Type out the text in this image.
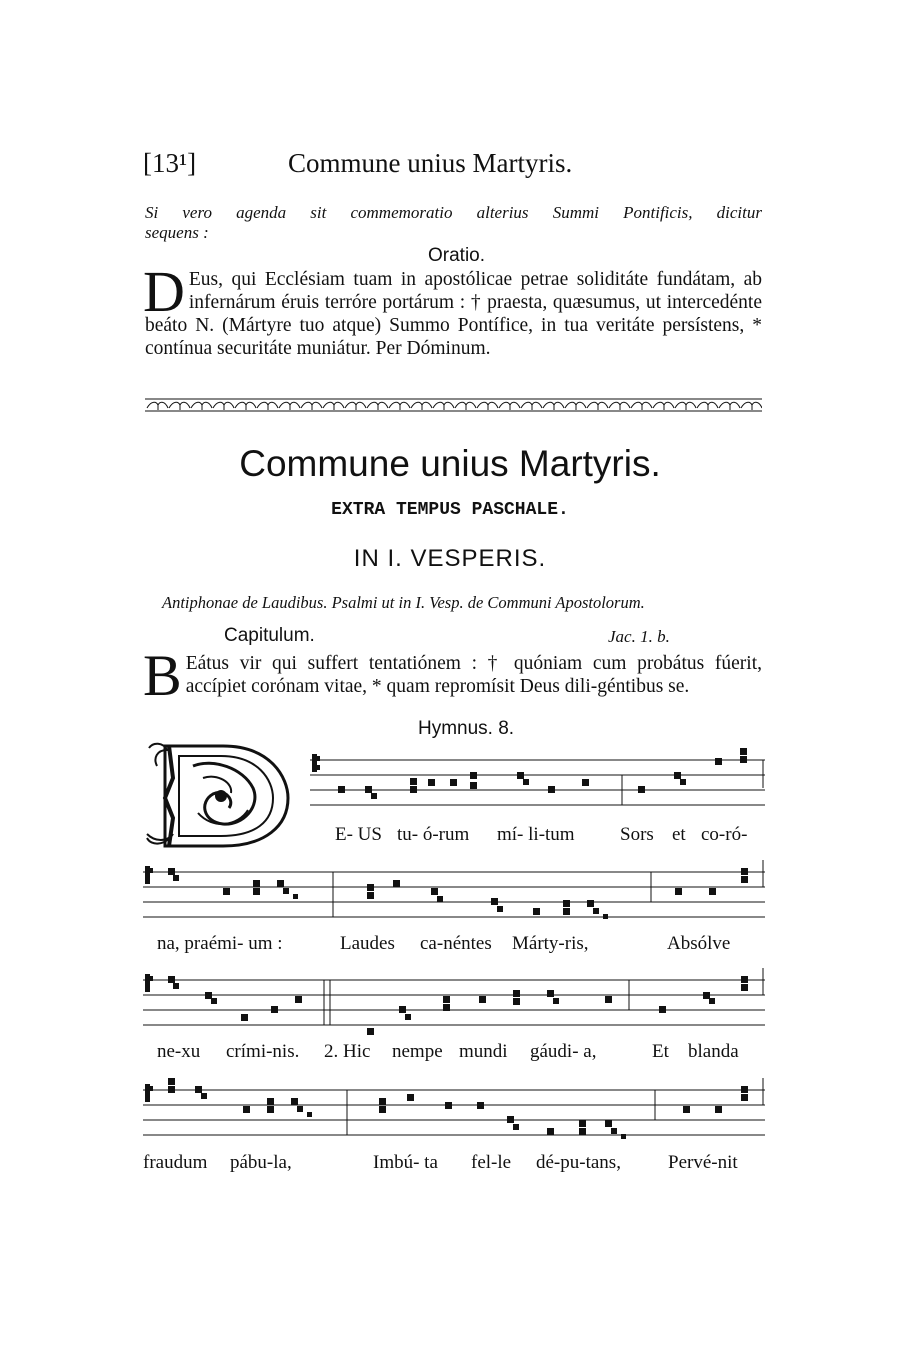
[13¹]	Commune unius Martyris.
Si vero agenda sit commemoratio alterius Summi Pontificis, dicitur
sequens :
Oratio.

D Eus, qui Ecclésiam tuam in apostólicae petrae soliditáte fundátam, ab infernárum éruis terróre portárum : † praesta, quæsumus, ut intercedénte beáto N. (Mártyre tuo atque) Summo Pontífice, in tua veritáte persístens, * contínua securitáte muniátur. Per Dóminum.

Commune unius Martyris.
EXTRA TEMPUS PASCHALE.
IN I. VESPERIS.
Antiphonae de Laudibus. Psalmi ut in I. Vesp. de Communi Apostolorum.
Capitulum.	Jac. 1. b.

B Eátus vir qui suffert tentatiónem : † quóniam cum probátus fúerit, accípiet corónam vitae, * quam repromísit Deus dili-géntibus se.

Hymnus. 8.
E- US tu- ó-rum mí- li-tum Sors et co-ró-
na, praémi- um :	Laudes ca-néntes Márty-ris,	Absólve
ne-xu crími-nis. 2. Hic nempe mundi gáudi- a,	Et blanda
fraudum pábu-la,	Imbú- ta fel-le dé-pu-tans, Pervé-nit
